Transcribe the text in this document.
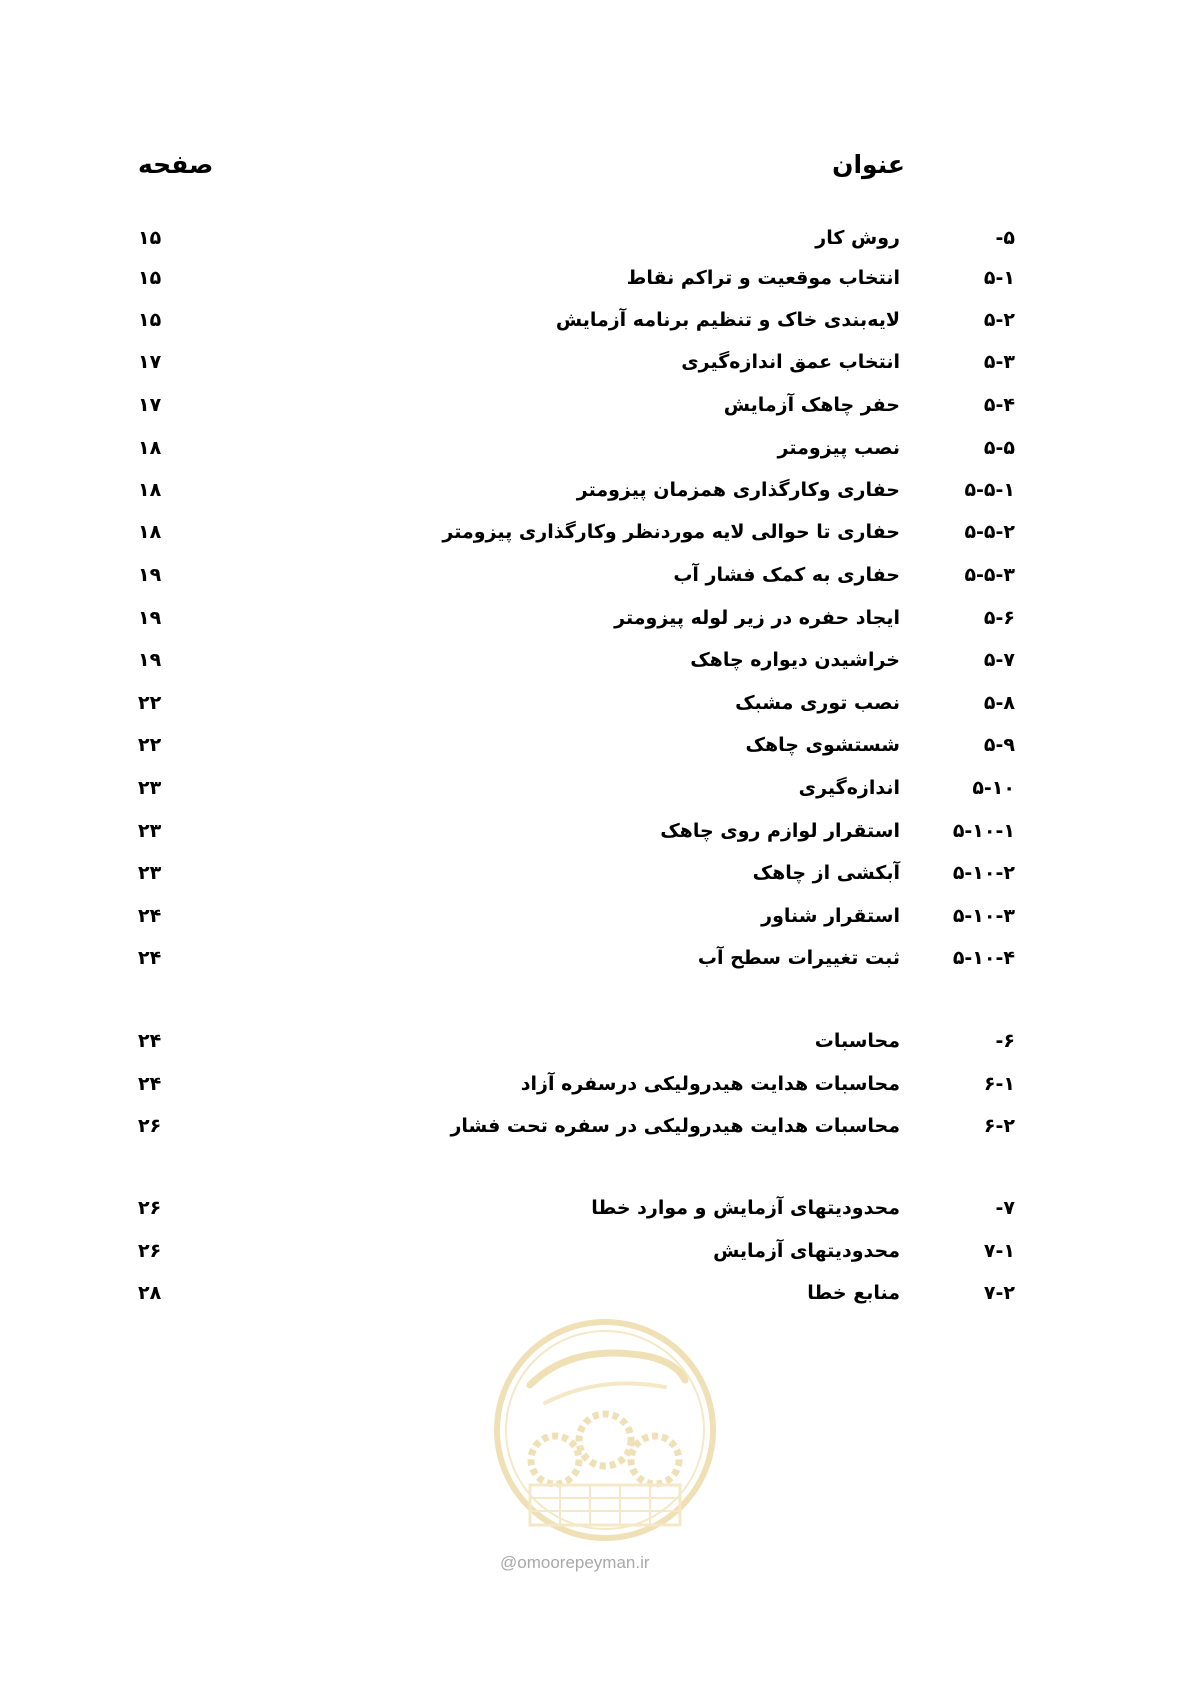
عنوان
صفحه
۵-
روش کار
۱۵
۵-۱
انتخاب موقعیت و تراکم نقاط
۱۵
۵-۲
لایه‌بندی خاک و تنظیم برنامه آزمایش
۱۵
۵-۳
انتخاب عمق اندازه‌گیری
۱۷
۵-۴
حفر چاهک آزمایش
۱۷
۵-۵
نصب پیزومتر
۱۸
۵-۵-۱
حفاری وکارگذاری همزمان پیزومتر
۱۸
۵-۵-۲
حفاری تا حوالی لایه موردنظر وکارگذاری پیزومتر
۱۸
۵-۵-۳
حفاری به کمک فشار آب
۱۹
۵-۶
ایجاد حفره در زیر لوله پیزومتر
۱۹
۵-۷
خراشیدن دیواره چاهک
۱۹
۵-۸
نصب توری مشبک
۲۲
۵-۹
شستشوی چاهک
۲۲
۵-۱۰
اندازه‌گیری
۲۳
۵-۱۰-۱
استقرار لوازم روی چاهک
۲۳
۵-۱۰-۲
آبکشی از چاهک
۲۳
۵-۱۰-۳
استقرار شناور
۲۴
۵-۱۰-۴
ثبت تغییرات سطح آب
۲۴
۶-
محاسبات
۲۴
۶-۱
محاسبات هدایت هیدرولیکی درسفره آزاد
۲۴
۶-۲
محاسبات هدایت هیدرولیکی در سفره تحت فشار
۲۶
۷-
محدودیتهای آزمایش و موارد خطا
۲۶
۷-۱
محدودیتهای آزمایش
۲۶
۷-۲
منابع خطا
۲۸
@omoorepeyman.ir
